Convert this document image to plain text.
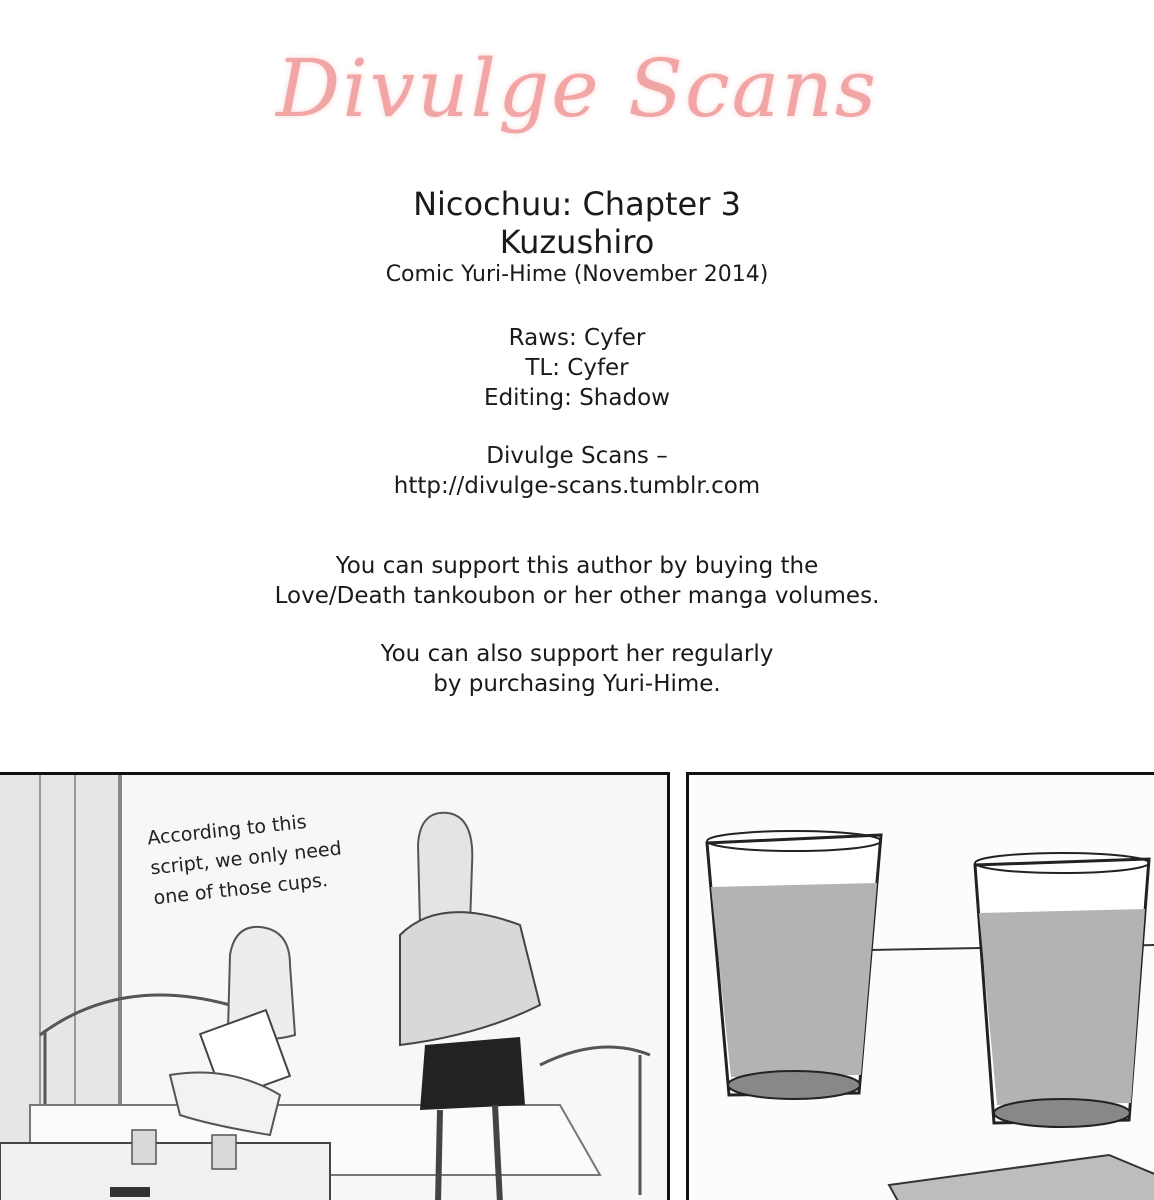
Divulge Scans

Nicochuu: Chapter 3

Kuzushiro

Comic Yuri-Hime (November 2014)

Raws: Cyfer

TL: Cyfer

Editing: Shadow

Divulge Scans –

http://divulge-scans.tumblr.com

You can support this author by buying the

Love/Death tankoubon or her other manga volumes.

You can also support her regularly

by purchasing Yuri-Hime.

According to this script, we only need one of those cups.
